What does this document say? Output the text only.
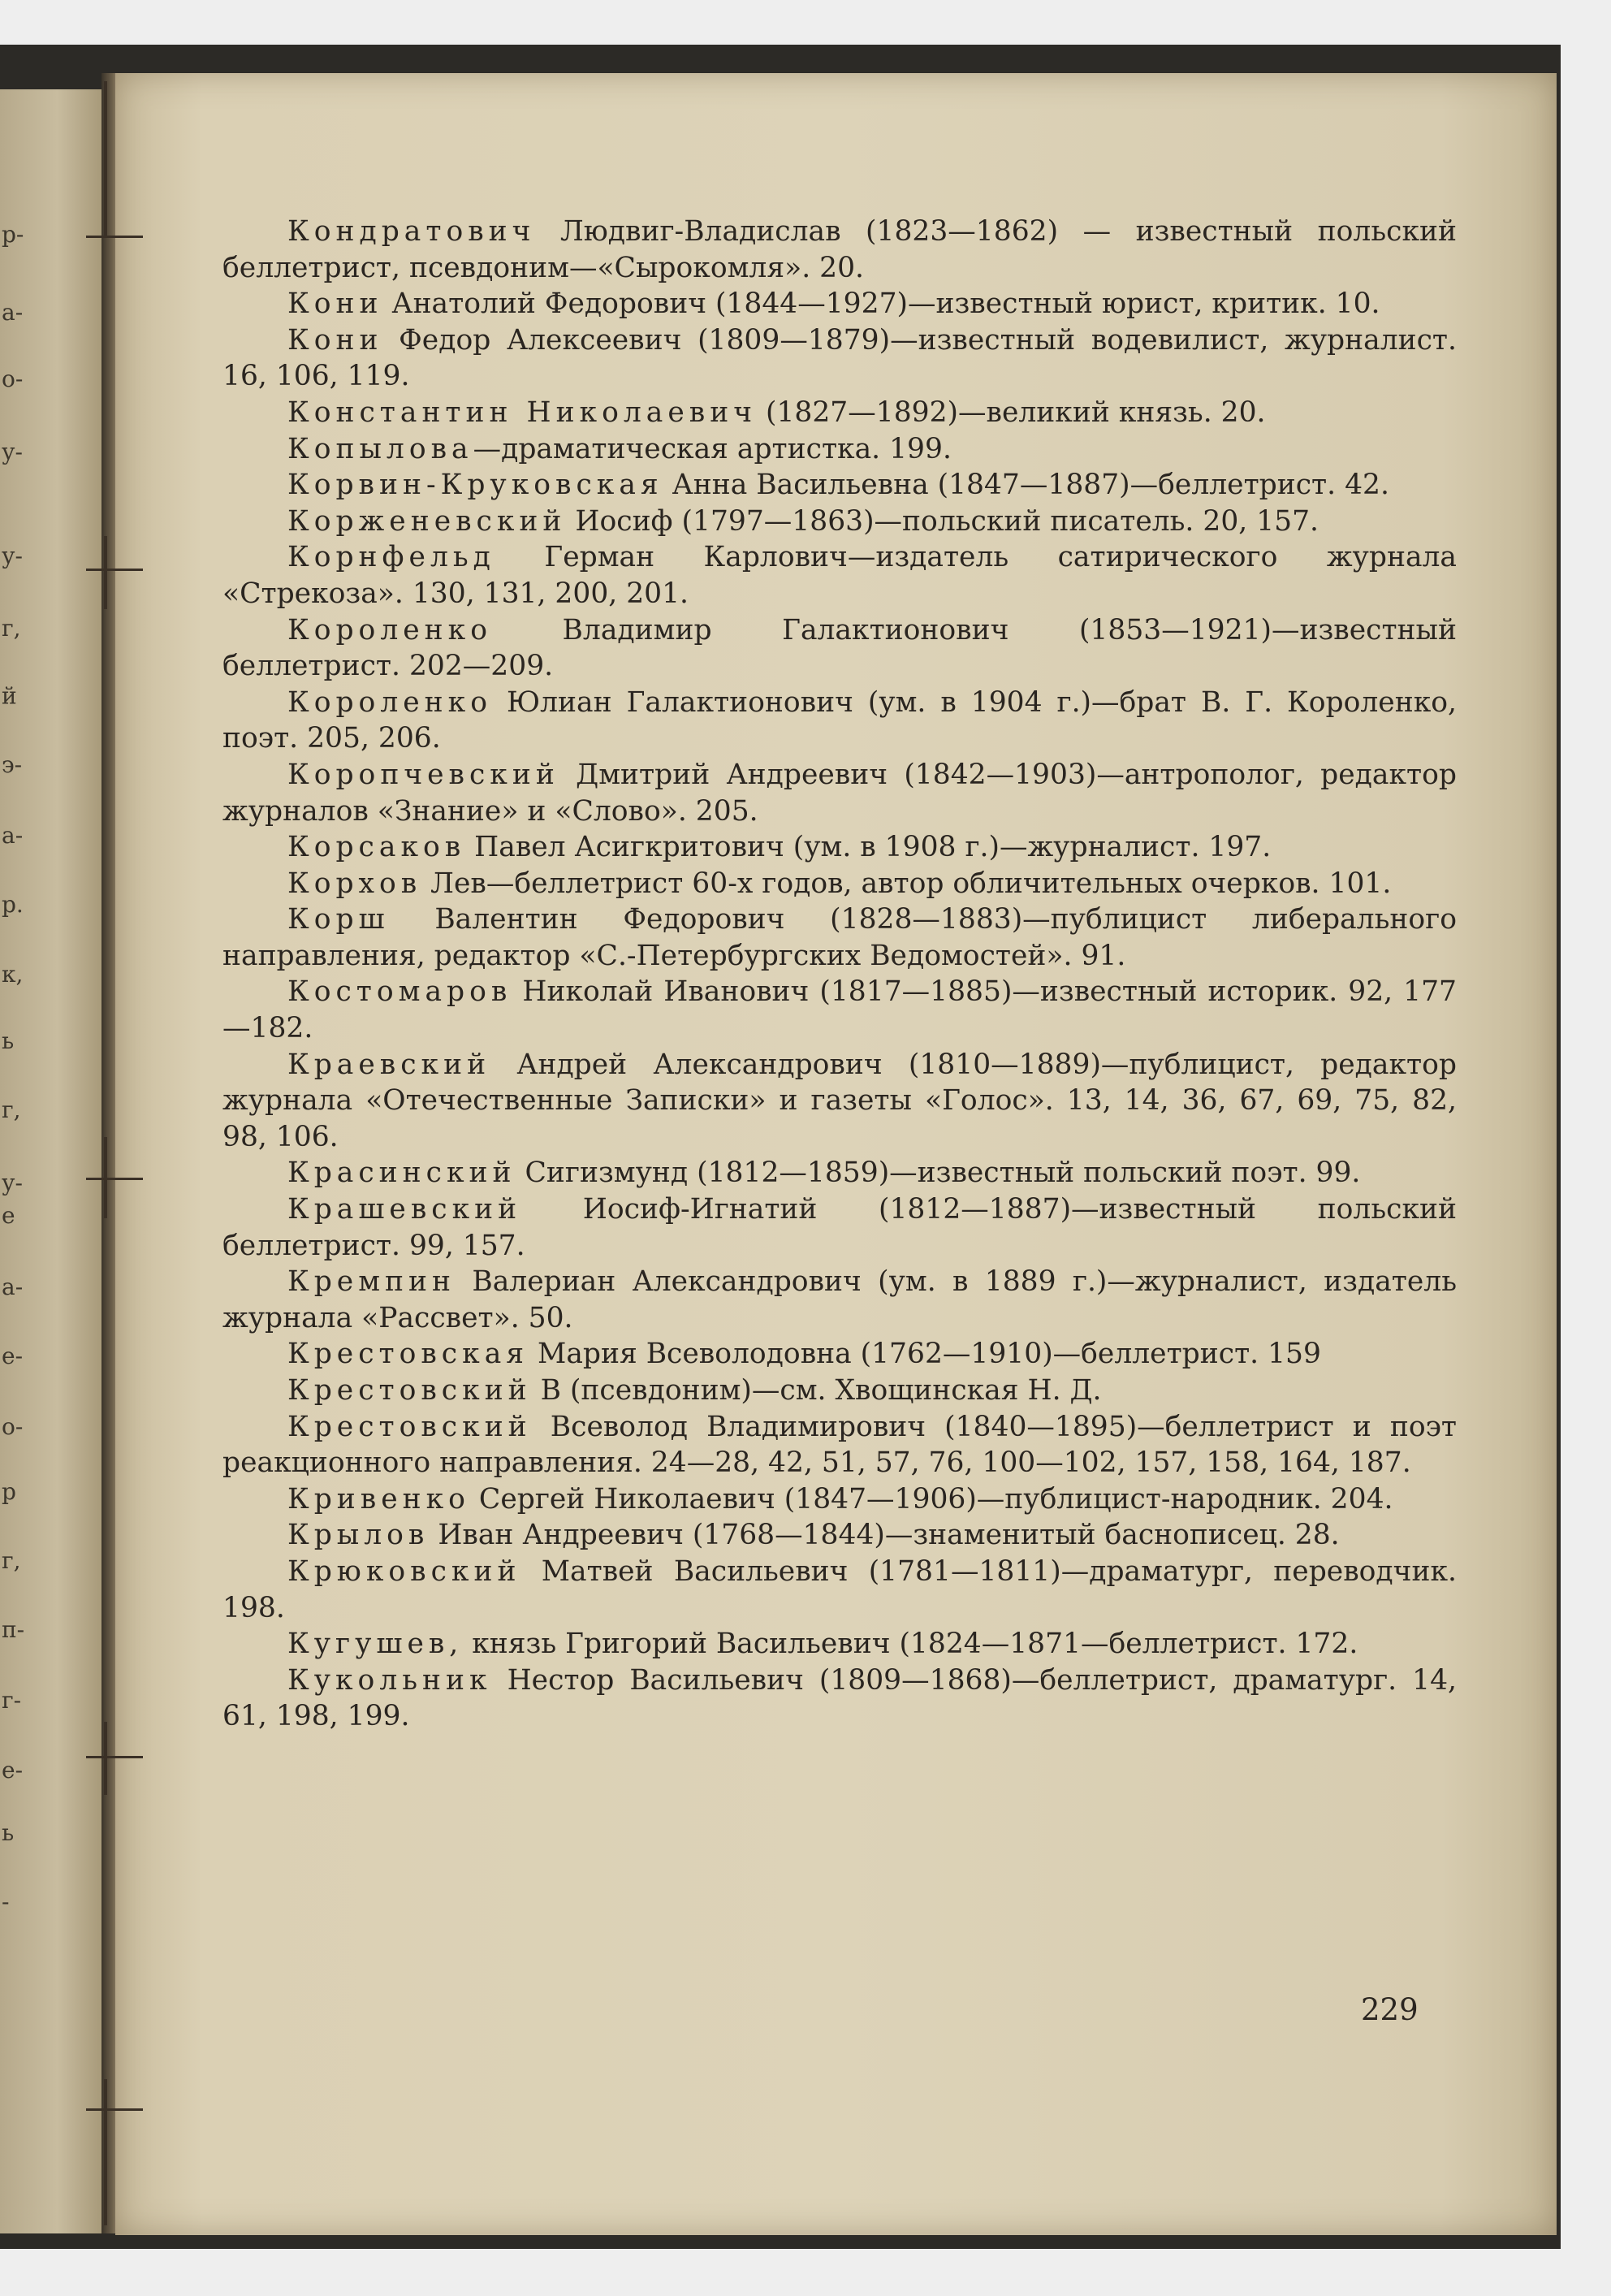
р-
а-
о-
у-
у-
г,
й
э-
а-
р.
к,
ь
г,
у-
е
а-
е-
о-
р
г,
п-
г-
е-
ь
-

Кондратович Людвиг-Владислав (1823—1862) — известный польский беллетрист, псевдоним—«Сырокомля». 20.

Кони Анатолий Федорович (1844—1927)—известный юрист, критик. 10.

Кони Федор Алексеевич (1809—1879)—известный водевилист, журналист. 16, 106, 119.

Константин Николаевич (1827—1892)—великий князь. 20.

Копылова—драматическая артистка. 199.

Корвин-Круковская Анна Васильевна (1847—1887)—беллетрист. 42.

Корженевский Иосиф (1797—1863)—польский писатель. 20, 157.

Корнфельд Герман Карлович—издатель сатирического журнала «Стрекоза». 130, 131, 200, 201.

Короленко Владимир Галактионович (1853—1921)—известный беллетрист. 202—209.

Короленко Юлиан Галактионович (ум. в 1904 г.)—брат В. Г. Короленко, поэт. 205, 206.

Коропчевский Дмитрий Андреевич (1842—1903)—антрополог, редактор журналов «Знание» и «Слово». 205.

Корсаков Павел Асигкритович (ум. в 1908 г.)—журналист. 197.

Корхов Лев—беллетрист 60-х годов, автор обличительных очерков. 101.

Корш Валентин Федорович (1828—1883)—публицист либерального направления, редактор «С.-Петербургских Ведомостей». 91.

Костомаров Николай Иванович (1817—1885)—известный историк. 92, 177—182.

Краевский Андрей Александрович (1810—1889)—публицист, редактор журнала «Отечественные Записки» и газеты «Голос». 13, 14, 36, 67, 69, 75, 82, 98, 106.

Красинский Сигизмунд (1812—1859)—известный польский поэт. 99.

Крашевский Иосиф-Игнатий (1812—1887)—известный польский беллетрист. 99, 157.

Кремпин Валериан Александрович (ум. в 1889 г.)—журналист, издатель журнала «Рассвет». 50.

Крестовская Мария Всеволодовна (1762—1910)—беллетрист. 159

Крестовский В (псевдоним)—см. Хвощинская Н. Д.

Крестовский Всеволод Владимирович (1840—1895)—беллетрист и поэт реакционного направления. 24—28, 42, 51, 57, 76, 100—102, 157, 158, 164, 187.

Кривенко Сергей Николаевич (1847—1906)—публицист-народник. 204.

Крылов Иван Андреевич (1768—1844)—знаменитый баснописец. 28.

Крюковский Матвей Васильевич (1781—1811)—драматург, переводчик. 198.

Кугушев, князь Григорий Васильевич (1824—1871—беллетрист. 172.

Кукольник Нестор Васильевич (1809—1868)—беллетрист, драматург. 14, 61, 198, 199.

229
